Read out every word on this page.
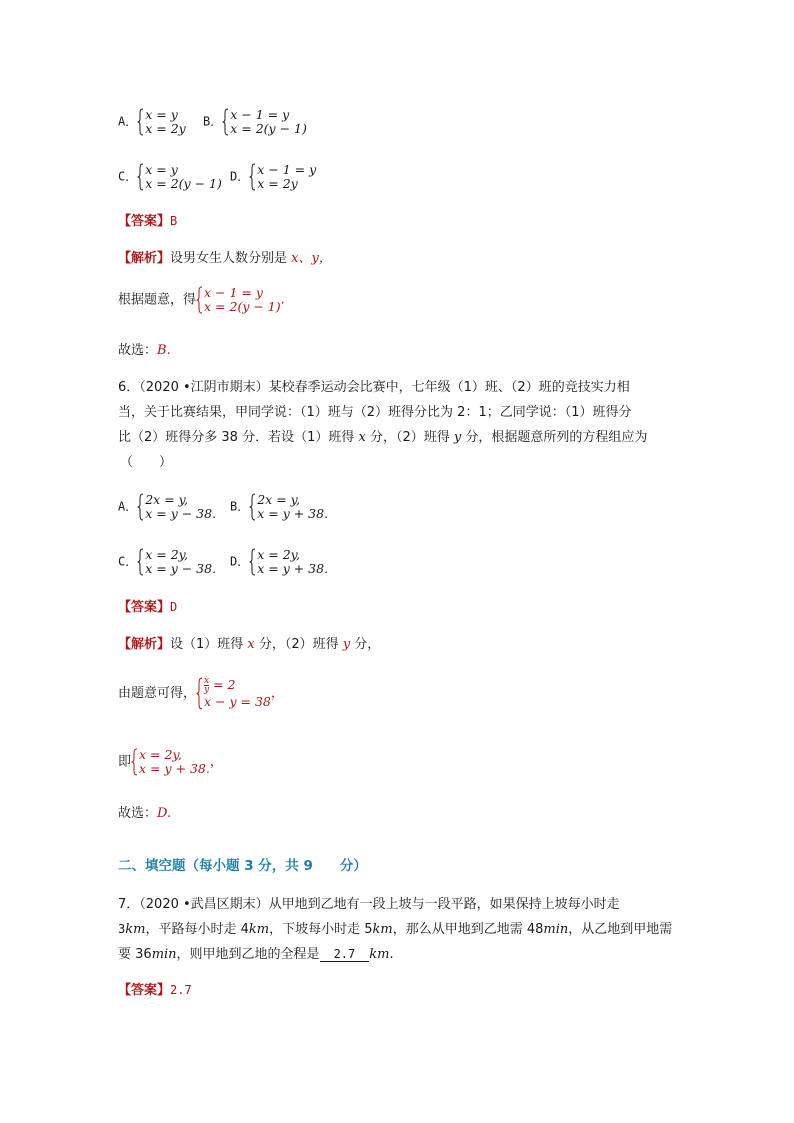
A． x = y
x = 2y B． x − 1 = y
x = 2(y − 1)
C． x = y
x = 2(y − 1) D． x − 1 = y
x = 2y
【答案】B
【解析】设男女生人数分别是 x、y，
根据题意，得 x − 1 = y
x = 2(y − 1) .
故选：B.
6．（2020 •江阴市期末）某校春季运动会比赛中，七年级（1）班、（2）班的竞技实力相
当，关于比赛结果，甲同学说：（1）班与（2）班得分比为 2：1；乙同学说：（1）班得分
比（2）班得分多 38 分．若设（1）班得 x 分，（2）班得 y 分，根据题意所列的方程组应为
（　　）
A． 2x = y,
x = y − 38. B． 2x = y,
x = y + 38.
C． x = 2y,
x = y − 38. D． x = 2y,
x = y + 38.
【答案】D
【解析】设（1）班得 x 分，（2）班得 y 分，
由题意可得， $\frac{x}{y} = 2$
x − y = 38
，
即 x = 2y,
x = y + 38. ，
故选：D.
二、填空题（每小题 3 分，共 9　　分）
7．（2020 •武昌区期末）从甲地到乙地有一段上坡与一段平路，如果保持上坡每小时走
3km，平路每小时走 4km，下坡每小时走 5km，那么从甲地到乙地需 48min，从乙地到甲地需
要 36min，则甲地到乙地的全程是 2.7 km.
【答案】2.7
